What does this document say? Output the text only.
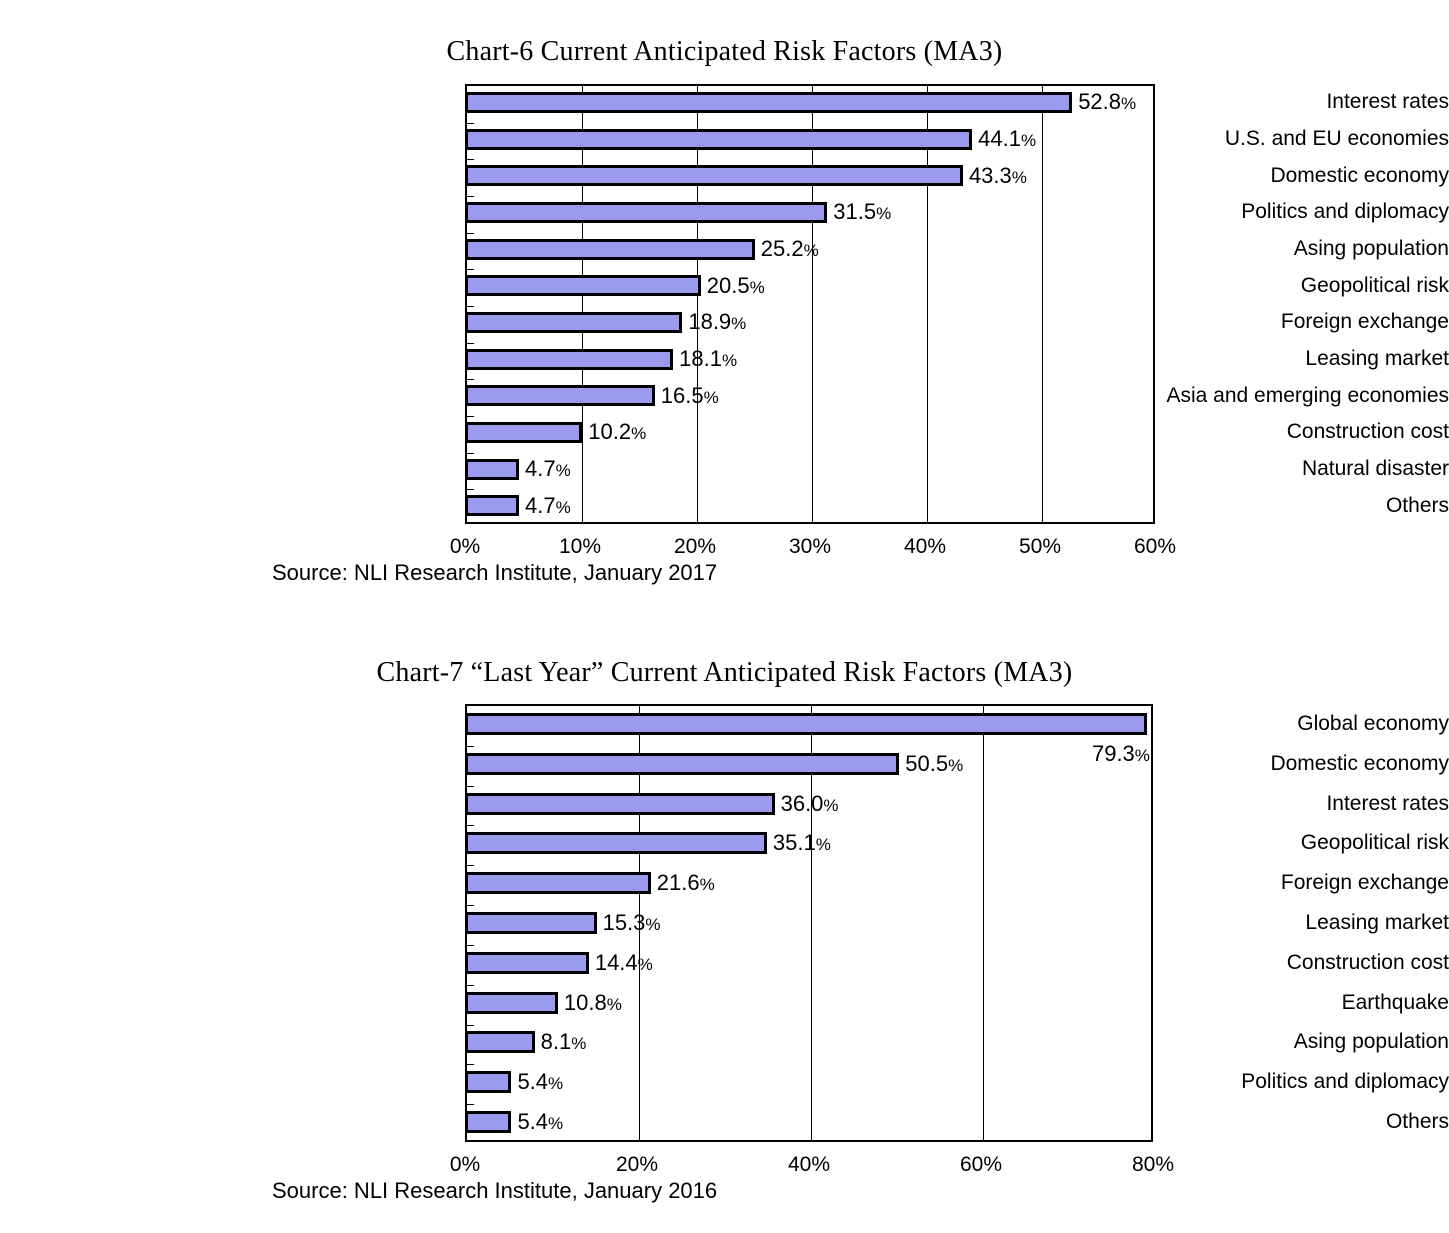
Chart-6 Current Anticipated Risk Factors (MA3)
Interest rates
52.8%
U.S. and EU economies
44.1%
Domestic economy
43.3%
Politics and diplomacy
31.5%
Asing population
25.2%
Geopolitical risk
20.5%
Foreign exchange
18.9%
Leasing market
18.1%
Asia and emerging economies
16.5%
Construction cost
10.2%
Natural disaster
4.7%
Others
4.7%
0%	10%	20%	30%	40%	50%	60%
Source: NLI Research Institute, January 2017
Chart-7 “Last Year” Current Anticipated Risk Factors (MA3)
Global economy
79.3%	Domestic economy
50.5%
Interest rates
36.0%
Geopolitical risk
35.1%
Foreign exchange
21.6%
Leasing market
15.3%
Construction cost
14.4%
Earthquake
10.8%
Asing population
8.1%
Politics and diplomacy
5.4%
Others
5.4%
0%	20%	40%	60%	80%
Source: NLI Research Institute, January 2016
